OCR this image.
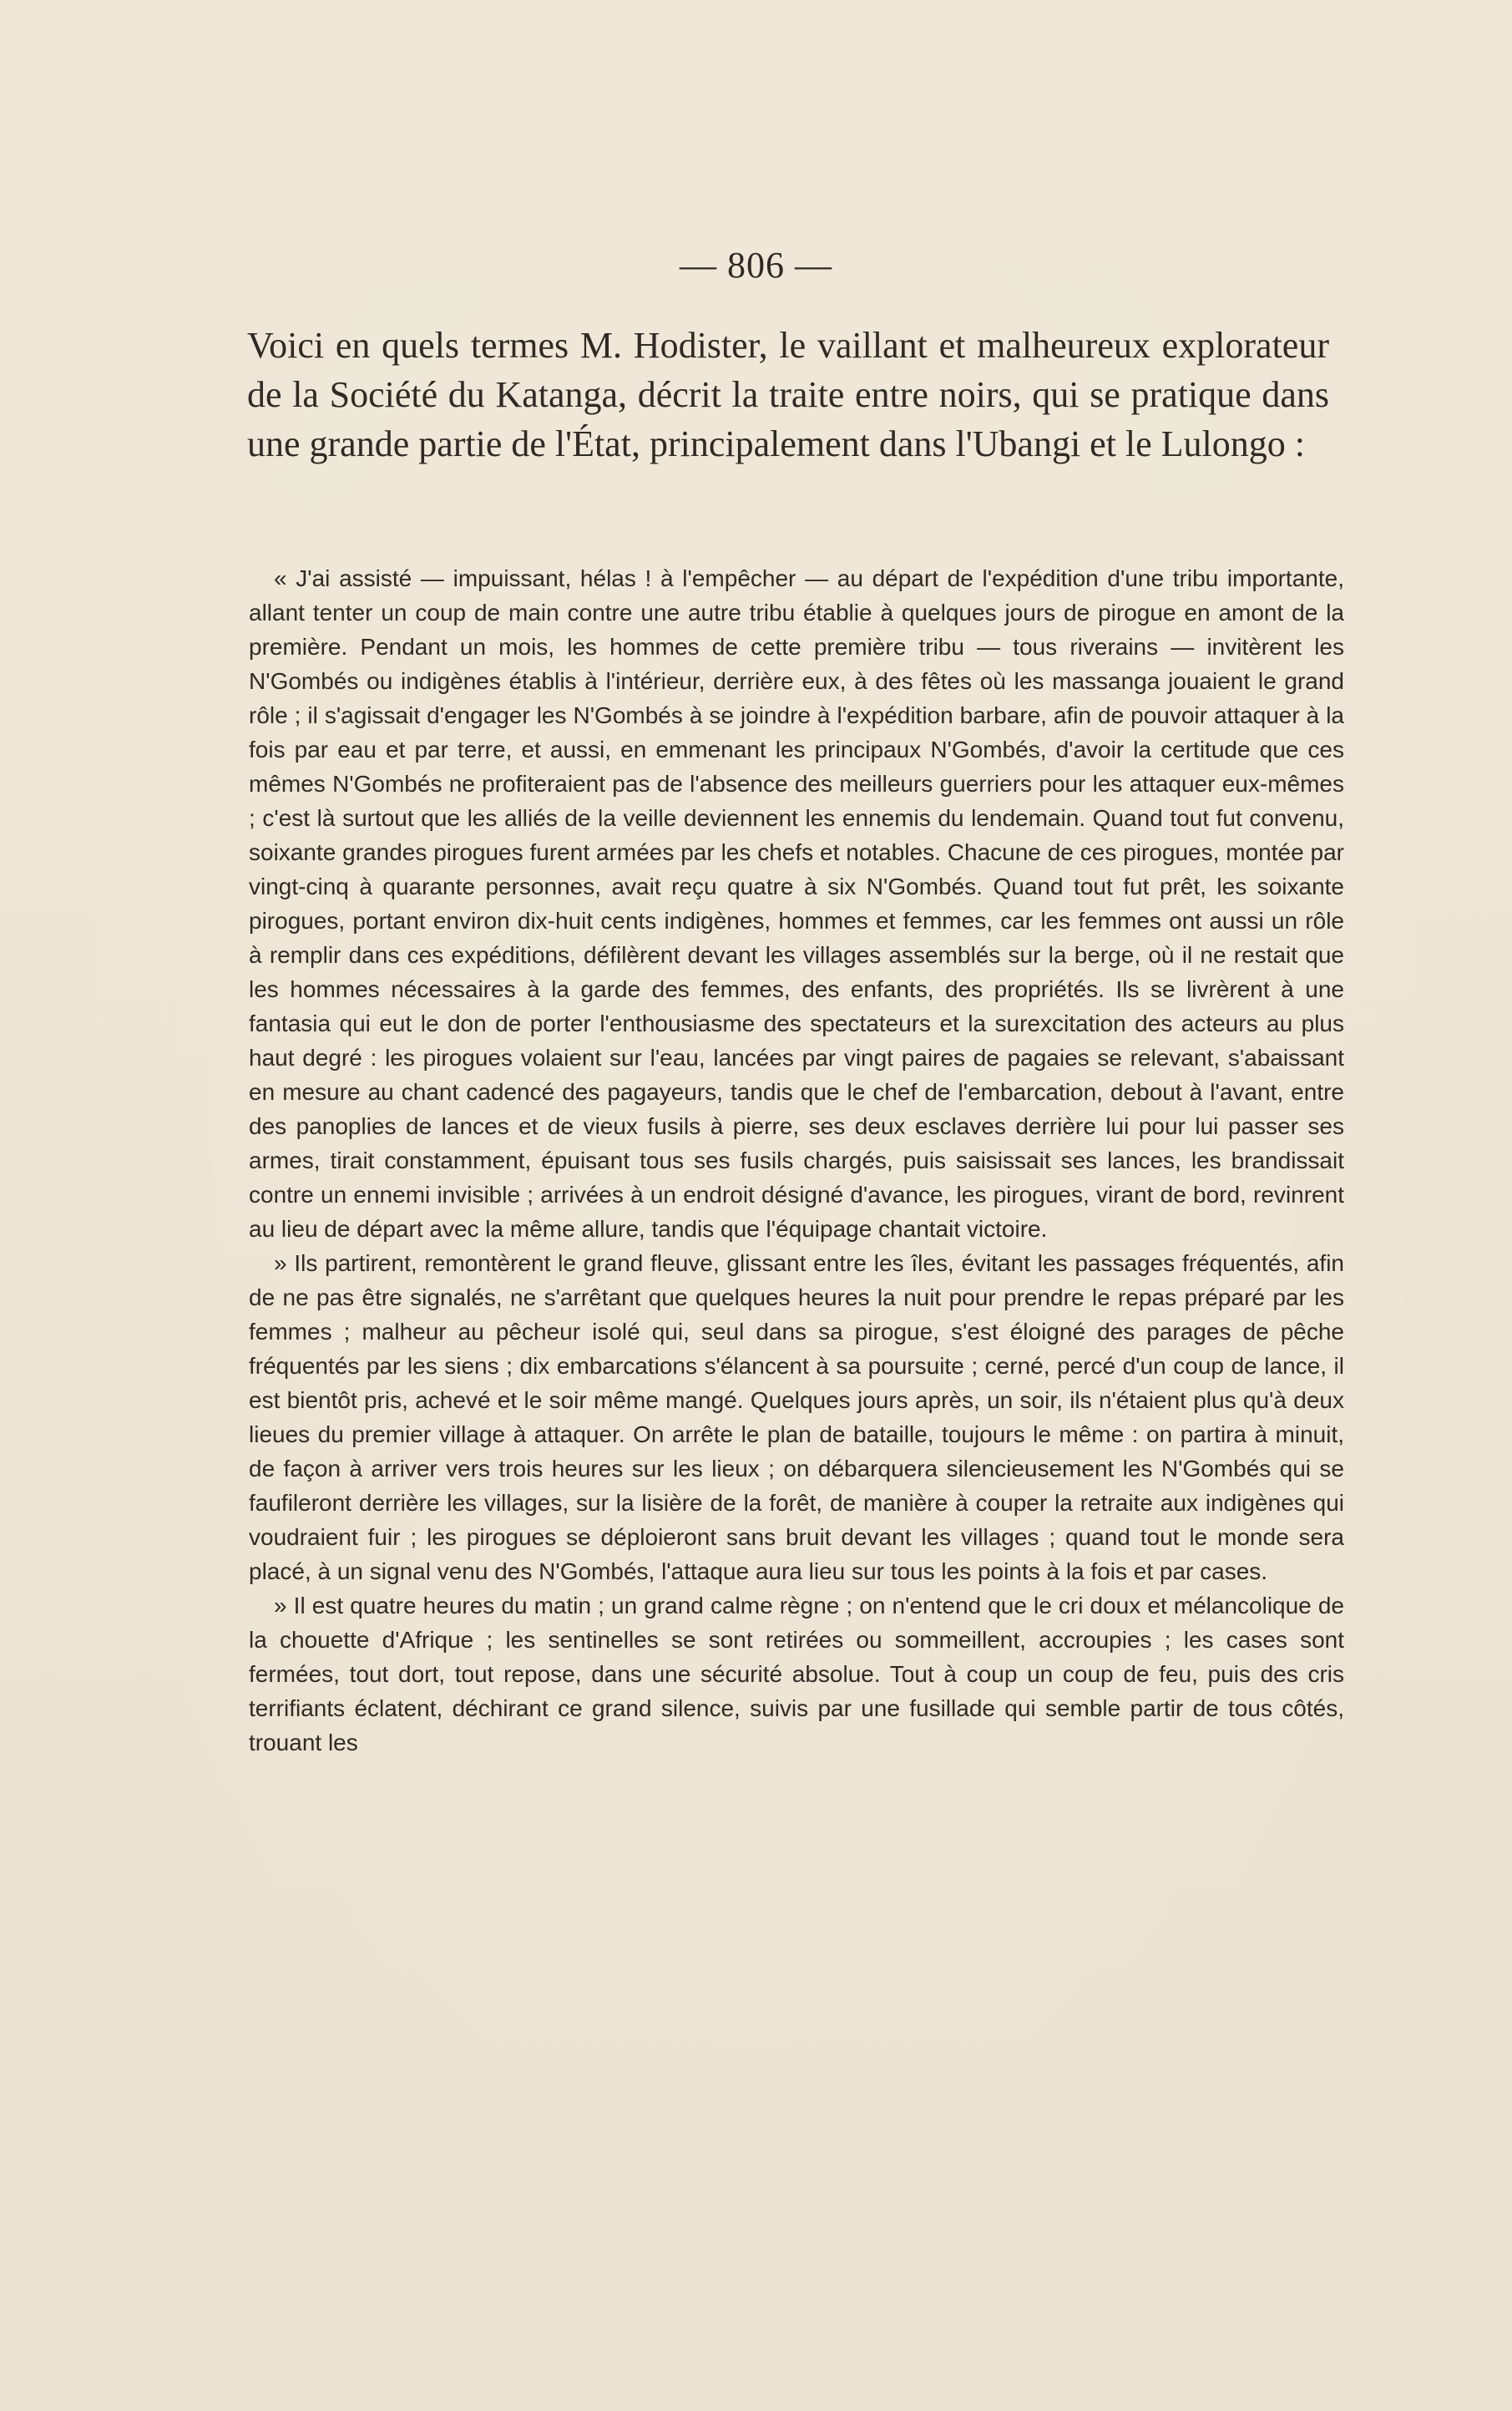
— 806 —

Voici en quels termes M. Hodister, le vaillant et malheureux explorateur de la Société du Katanga, décrit la traite entre noirs, qui se pratique dans une grande partie de l'État, principalement dans l'Ubangi et le Lulongo :

« J'ai assisté — impuissant, hélas ! à l'empêcher — au départ de l'expédition d'une tribu importante, allant tenter un coup de main contre une autre tribu établie à quelques jours de pirogue en amont de la première. Pendant un mois, les hommes de cette première tribu — tous riverains — invitèrent les N'Gombés ou indigènes établis à l'intérieur, derrière eux, à des fêtes où les massanga jouaient le grand rôle ; il s'agissait d'engager les N'Gombés à se joindre à l'expédition barbare, afin de pouvoir attaquer à la fois par eau et par terre, et aussi, en emmenant les principaux N'Gombés, d'avoir la certitude que ces mêmes N'Gombés ne profiteraient pas de l'absence des meilleurs guerriers pour les attaquer eux-mêmes ; c'est là surtout que les alliés de la veille deviennent les ennemis du lendemain. Quand tout fut convenu, soixante grandes pirogues furent armées par les chefs et notables. Chacune de ces pirogues, montée par vingt-cinq à quarante personnes, avait reçu quatre à six N'Gombés. Quand tout fut prêt, les soixante pirogues, portant environ dix-huit cents indigènes, hommes et femmes, car les femmes ont aussi un rôle à remplir dans ces expéditions, défilèrent devant les villages assemblés sur la berge, où il ne restait que les hommes nécessaires à la garde des femmes, des enfants, des propriétés. Ils se livrèrent à une fantasia qui eut le don de porter l'enthousiasme des spectateurs et la surexcitation des acteurs au plus haut degré : les pirogues volaient sur l'eau, lancées par vingt paires de pagaies se relevant, s'abaissant en mesure au chant cadencé des pagayeurs, tandis que le chef de l'embarcation, debout à l'avant, entre des panoplies de lances et de vieux fusils à pierre, ses deux esclaves derrière lui pour lui passer ses armes, tirait constamment, épuisant tous ses fusils chargés, puis saisissait ses lances, les brandissait contre un ennemi invisible ; arrivées à un endroit désigné d'avance, les pirogues, virant de bord, revinrent au lieu de départ avec la même allure, tandis que l'équipage chantait victoire.

» Ils partirent, remontèrent le grand fleuve, glissant entre les îles, évitant les passages fréquentés, afin de ne pas être signalés, ne s'arrêtant que quelques heures la nuit pour prendre le repas préparé par les femmes ; malheur au pêcheur isolé qui, seul dans sa pirogue, s'est éloigné des parages de pêche fréquentés par les siens ; dix embarcations s'élancent à sa poursuite ; cerné, percé d'un coup de lance, il est bientôt pris, achevé et le soir même mangé. Quelques jours après, un soir, ils n'étaient plus qu'à deux lieues du premier village à attaquer. On arrête le plan de bataille, toujours le même : on partira à minuit, de façon à arriver vers trois heures sur les lieux ; on débarquera silencieusement les N'Gombés qui se faufileront derrière les villages, sur la lisière de la forêt, de manière à couper la retraite aux indigènes qui voudraient fuir ; les pirogues se déploieront sans bruit devant les villages ; quand tout le monde sera placé, à un signal venu des N'Gombés, l'attaque aura lieu sur tous les points à la fois et par cases.

» Il est quatre heures du matin ; un grand calme règne ; on n'entend que le cri doux et mélancolique de la chouette d'Afrique ; les sentinelles se sont retirées ou sommeillent, accroupies ; les cases sont fermées, tout dort, tout repose, dans une sécurité absolue. Tout à coup un coup de feu, puis des cris terrifiants éclatent, déchirant ce grand silence, suivis par une fusillade qui semble partir de tous côtés, trouant les
